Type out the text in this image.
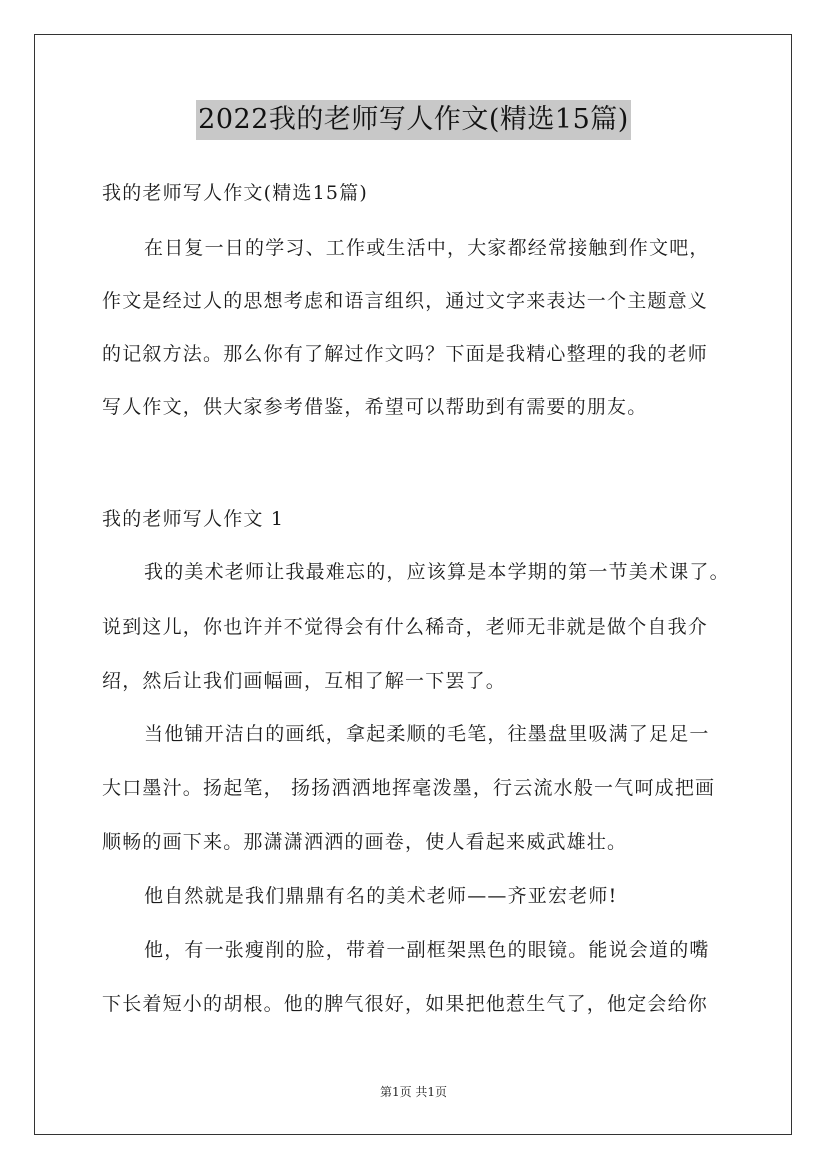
2022我的老师写人作文(精选15篇)
我的老师写人作文(精选15篇)
在日复一日的学习、工作或生活中，大家都经常接触到作文吧，
作文是经过人的思想考虑和语言组织，通过文字来表达一个主题意义
的记叙方法。那么你有了解过作文吗？下面是我精心整理的我的老师
写人作文，供大家参考借鉴，希望可以帮助到有需要的朋友。
我的老师写人作文 1
我的美术老师让我最难忘的，应该算是本学期的第一节美术课了。
说到这儿，你也许并不觉得会有什么稀奇，老师无非就是做个自我介
绍，然后让我们画幅画，互相了解一下罢了。
当他铺开洁白的画纸，拿起柔顺的毛笔，往墨盘里吸满了足足一
大口墨汁。扬起笔， 扬扬洒洒地挥毫泼墨，行云流水般一气呵成把画
顺畅的画下来。那潇潇洒洒的画卷，使人看起来威武雄壮。
他自然就是我们鼎鼎有名的美术老师——齐亚宏老师!
他，有一张瘦削的脸，带着一副框架黑色的眼镜。能说会道的嘴
下长着短小的胡根。他的脾气很好，如果把他惹生气了，他定会给你
第1页 共1页
